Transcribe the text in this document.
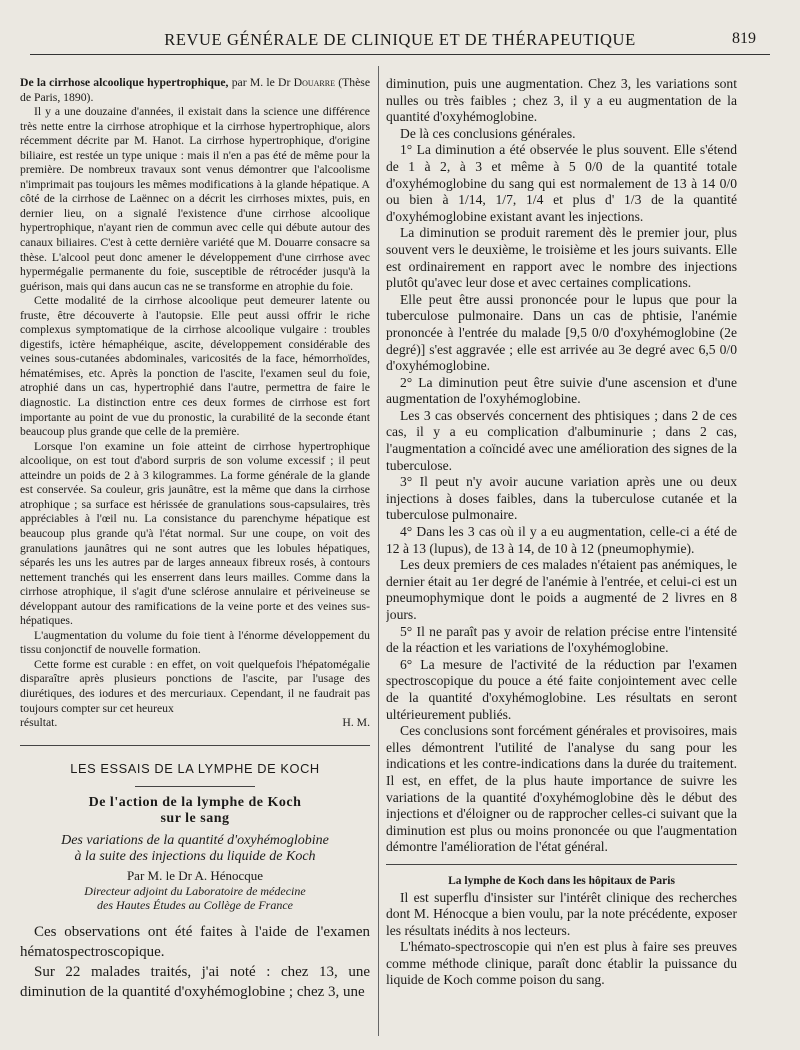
REVUE GÉNÉRALE DE CLINIQUE ET DE THÉRAPEUTIQUE	819

De la cirrhose alcoolique hypertrophique, par M. le Dr Douarre (Thèse de Paris, 1890).

Il y a une douzaine d'années, il existait dans la science une différence très nette entre la cirrhose atrophique et la cirrhose hypertrophique, alors récemment décrite par M. Hanot. La cirrhose hypertrophique, d'origine biliaire, est restée un type unique : mais il n'en a pas été de même pour la première. De nombreux travaux sont venus démontrer que l'alcoolisme n'imprimait pas toujours les mêmes modifications à la glande hépatique. A côté de la cirrhose de Laënnec on a décrit les cirrhoses mixtes, puis, en dernier lieu, on a signalé l'existence d'une cirrhose alcoolique hypertrophique, n'ayant rien de commun avec celle qui débute autour des canaux biliaires. C'est à cette dernière variété que M. Douarre consacre sa thèse. L'alcool peut donc amener le développement d'une cirrhose avec hypermégalie permanente du foie, susceptible de rétrocéder jusqu'à la guérison, mais qui dans aucun cas ne se transforme en atrophie du foie.

Cette modalité de la cirrhose alcoolique peut demeurer latente ou fruste, être découverte à l'autopsie. Elle peut aussi offrir le riche complexus symptomatique de la cirrhose alcoolique vulgaire : troubles digestifs, ictère hémaphéique, ascite, développement considérable des veines sous-cutanées abdominales, varicosités de la face, hémorrhoïdes, hématémises, etc. Après la ponction de l'ascite, l'examen seul du foie, atrophié dans un cas, hypertrophié dans l'autre, permettra de faire le diagnostic. La distinction entre ces deux formes de cirrhose est fort importante au point de vue du pronostic, la curabilité de la seconde étant beaucoup plus grande que celle de la première.

Lorsque l'on examine un foie atteint de cirrhose hypertrophique alcoolique, on est tout d'abord surpris de son volume excessif ; il peut atteindre un poids de 2 à 3 kilogrammes. La forme générale de la glande est conservée. Sa couleur, gris jaunâtre, est la même que dans la cirrhose atrophique ; sa surface est hérissée de granulations sous-capsulaires, très appréciables à l'œil nu. La consistance du parenchyme hépatique est beaucoup plus grande qu'à l'état normal. Sur une coupe, on voit des granulations jaunâtres qui ne sont autres que les lobules hépatiques, séparés les uns les autres par de larges anneaux fibreux rosés, à contours nettement tranchés qui les enserrent dans leurs mailles. Comme dans la cirrhose atrophique, il s'agit d'une sclérose annulaire et périveineuse se développant autour des ramifications de la veine porte et des veines sus-hépatiques.

L'augmentation du volume du foie tient à l'énorme développement du tissu conjonctif de nouvelle formation.

Cette forme est curable : en effet, on voit quelquefois l'hépatomégalie disparaître après plusieurs ponctions de l'ascite, par l'usage des diurétiques, des iodures et des mercuriaux. Cependant, il ne faudrait pas toujours compter sur cet heureux

résultat.	H. M.
LES ESSAIS DE LA LYMPHE DE KOCH
De l'action de la lymphe de Koch
sur le sang
Des variations de la quantité d'oxyhémoglobine
à la suite des injections du liquide de Koch
Par M. le Dr A. Hénocque
Directeur adjoint du Laboratoire de médecine
des Hautes Études au Collège de France

Ces observations ont été faites à l'aide de l'examen hématospectroscopique.

Sur 22 malades traités, j'ai noté : chez 13, une diminution de la quantité d'oxyhémoglobine ; chez 3, une

diminution, puis une augmentation. Chez 3, les variations sont nulles ou très faibles ; chez 3, il y a eu augmentation de la quantité d'oxyhémoglobine.

De là ces conclusions générales.

1° La diminution a été observée le plus souvent. Elle s'étend de 1 à 2, à 3 et même à 5 0/0 de la quantité totale d'oxyhémoglobine du sang qui est normalement de 13 à 14 0/0 ou bien à 1/14, 1/7, 1/4 et plus d' 1/3 de la quantité d'oxyhémoglobine existant avant les injections.

La diminution se produit rarement dès le premier jour, plus souvent vers le deuxième, le troisième et les jours suivants. Elle est ordinairement en rapport avec le nombre des injections plutôt qu'avec leur dose et avec certaines complications.

Elle peut être aussi prononcée pour le lupus que pour la tuberculose pulmonaire. Dans un cas de phtisie, l'anémie prononcée à l'entrée du malade [9,5 0/0 d'oxyhémoglobine (2e degré)] s'est aggravée ; elle est arrivée au 3e degré avec 6,5 0/0 d'oxyhémoglobine.

2° La diminution peut être suivie d'une ascension et d'une augmentation de l'oxyhémoglobine.

Les 3 cas observés concernent des phtisiques ; dans 2 de ces cas, il y a eu complication d'albuminurie ; dans 2 cas, l'augmentation a coïncidé avec une amélioration des signes de la tuberculose.

3° Il peut n'y avoir aucune variation après une ou deux injections à doses faibles, dans la tuberculose cutanée et la tuberculose pulmonaire.

4° Dans les 3 cas où il y a eu augmentation, celle-ci a été de 12 à 13 (lupus), de 13 à 14, de 10 à 12 (pneumophymie).

Les deux premiers de ces malades n'étaient pas anémiques, le dernier était au 1er degré de l'anémie à l'entrée, et celui-ci est un pneumophymique dont le poids a augmenté de 2 livres en 8 jours.

5° Il ne paraît pas y avoir de relation précise entre l'intensité de la réaction et les variations de l'oxyhémoglobine.

6° La mesure de l'activité de la réduction par l'examen spectroscopique du pouce a été faite conjointement avec celle de la quantité d'oxyhémoglobine. Les résultats en seront ultérieurement publiés.

Ces conclusions sont forcément générales et provisoires, mais elles démontrent l'utilité de l'analyse du sang pour les indications et les contre-indications dans la durée du traitement. Il est, en effet, de la plus haute importance de suivre les variations de la quantité d'oxyhémoglobine dès le début des injections et d'éloigner ou de rapprocher celles-ci suivant que la diminution est plus ou moins prononcée ou que l'augmentation démontre l'amélioration de l'état général.

La lymphe de Koch dans les hôpitaux de Paris

Il est superflu d'insister sur l'intérêt clinique des recherches dont M. Hénocque a bien voulu, par la note précédente, exposer les résultats inédits à nos lecteurs.

L'hémato-spectroscopie qui n'en est plus à faire ses preuves comme méthode clinique, paraît donc établir la puissance du liquide de Koch comme poison du sang.
